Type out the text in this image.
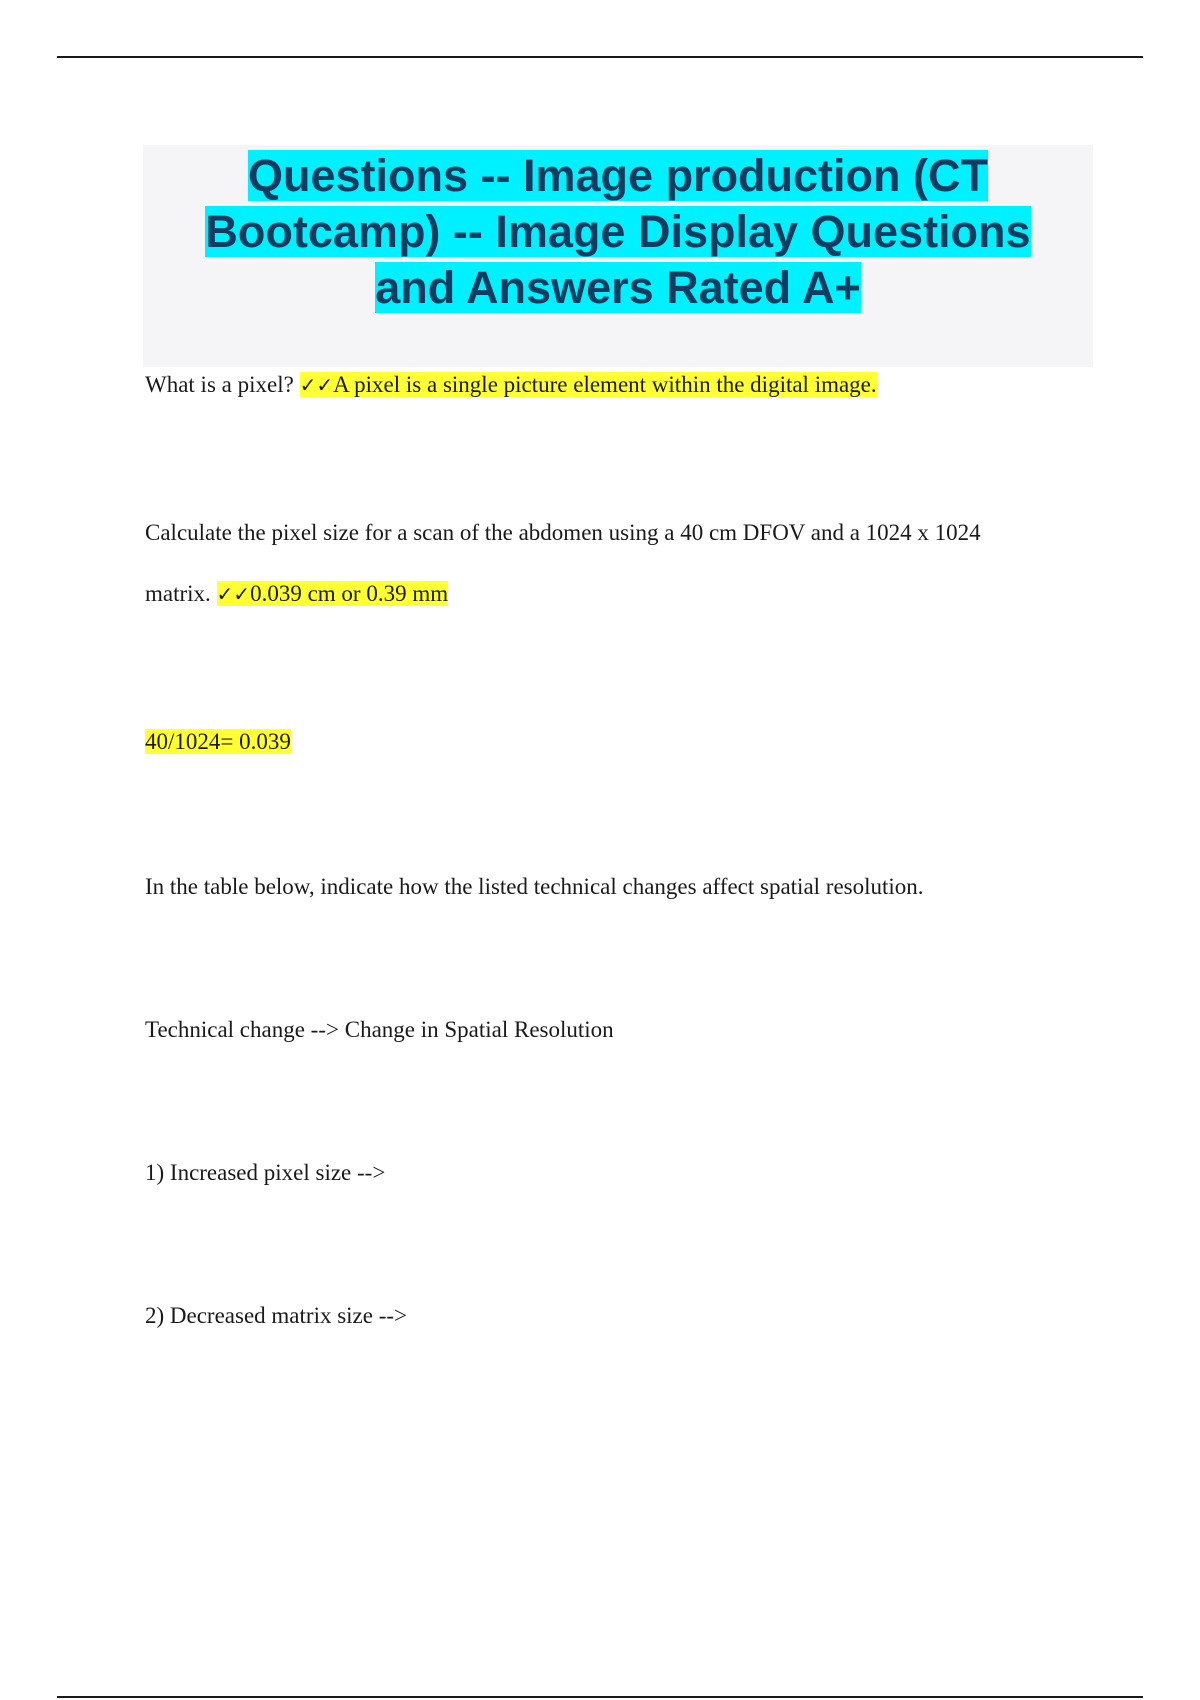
Questions -- Image production (CT
Bootcamp) -- Image Display Questions
and Answers Rated A+

What is a pixel? ✓✓A pixel is a single picture element within the digital image.

Calculate the pixel size for a scan of the abdomen using a 40 cm DFOV and a 1024 x 1024

matrix. ✓✓0.039 cm or 0.39 mm

40/1024= 0.039

In the table below, indicate how the listed technical changes affect spatial resolution.

Technical change --> Change in Spatial Resolution

1) Increased pixel size -->

2) Decreased matrix size -->
